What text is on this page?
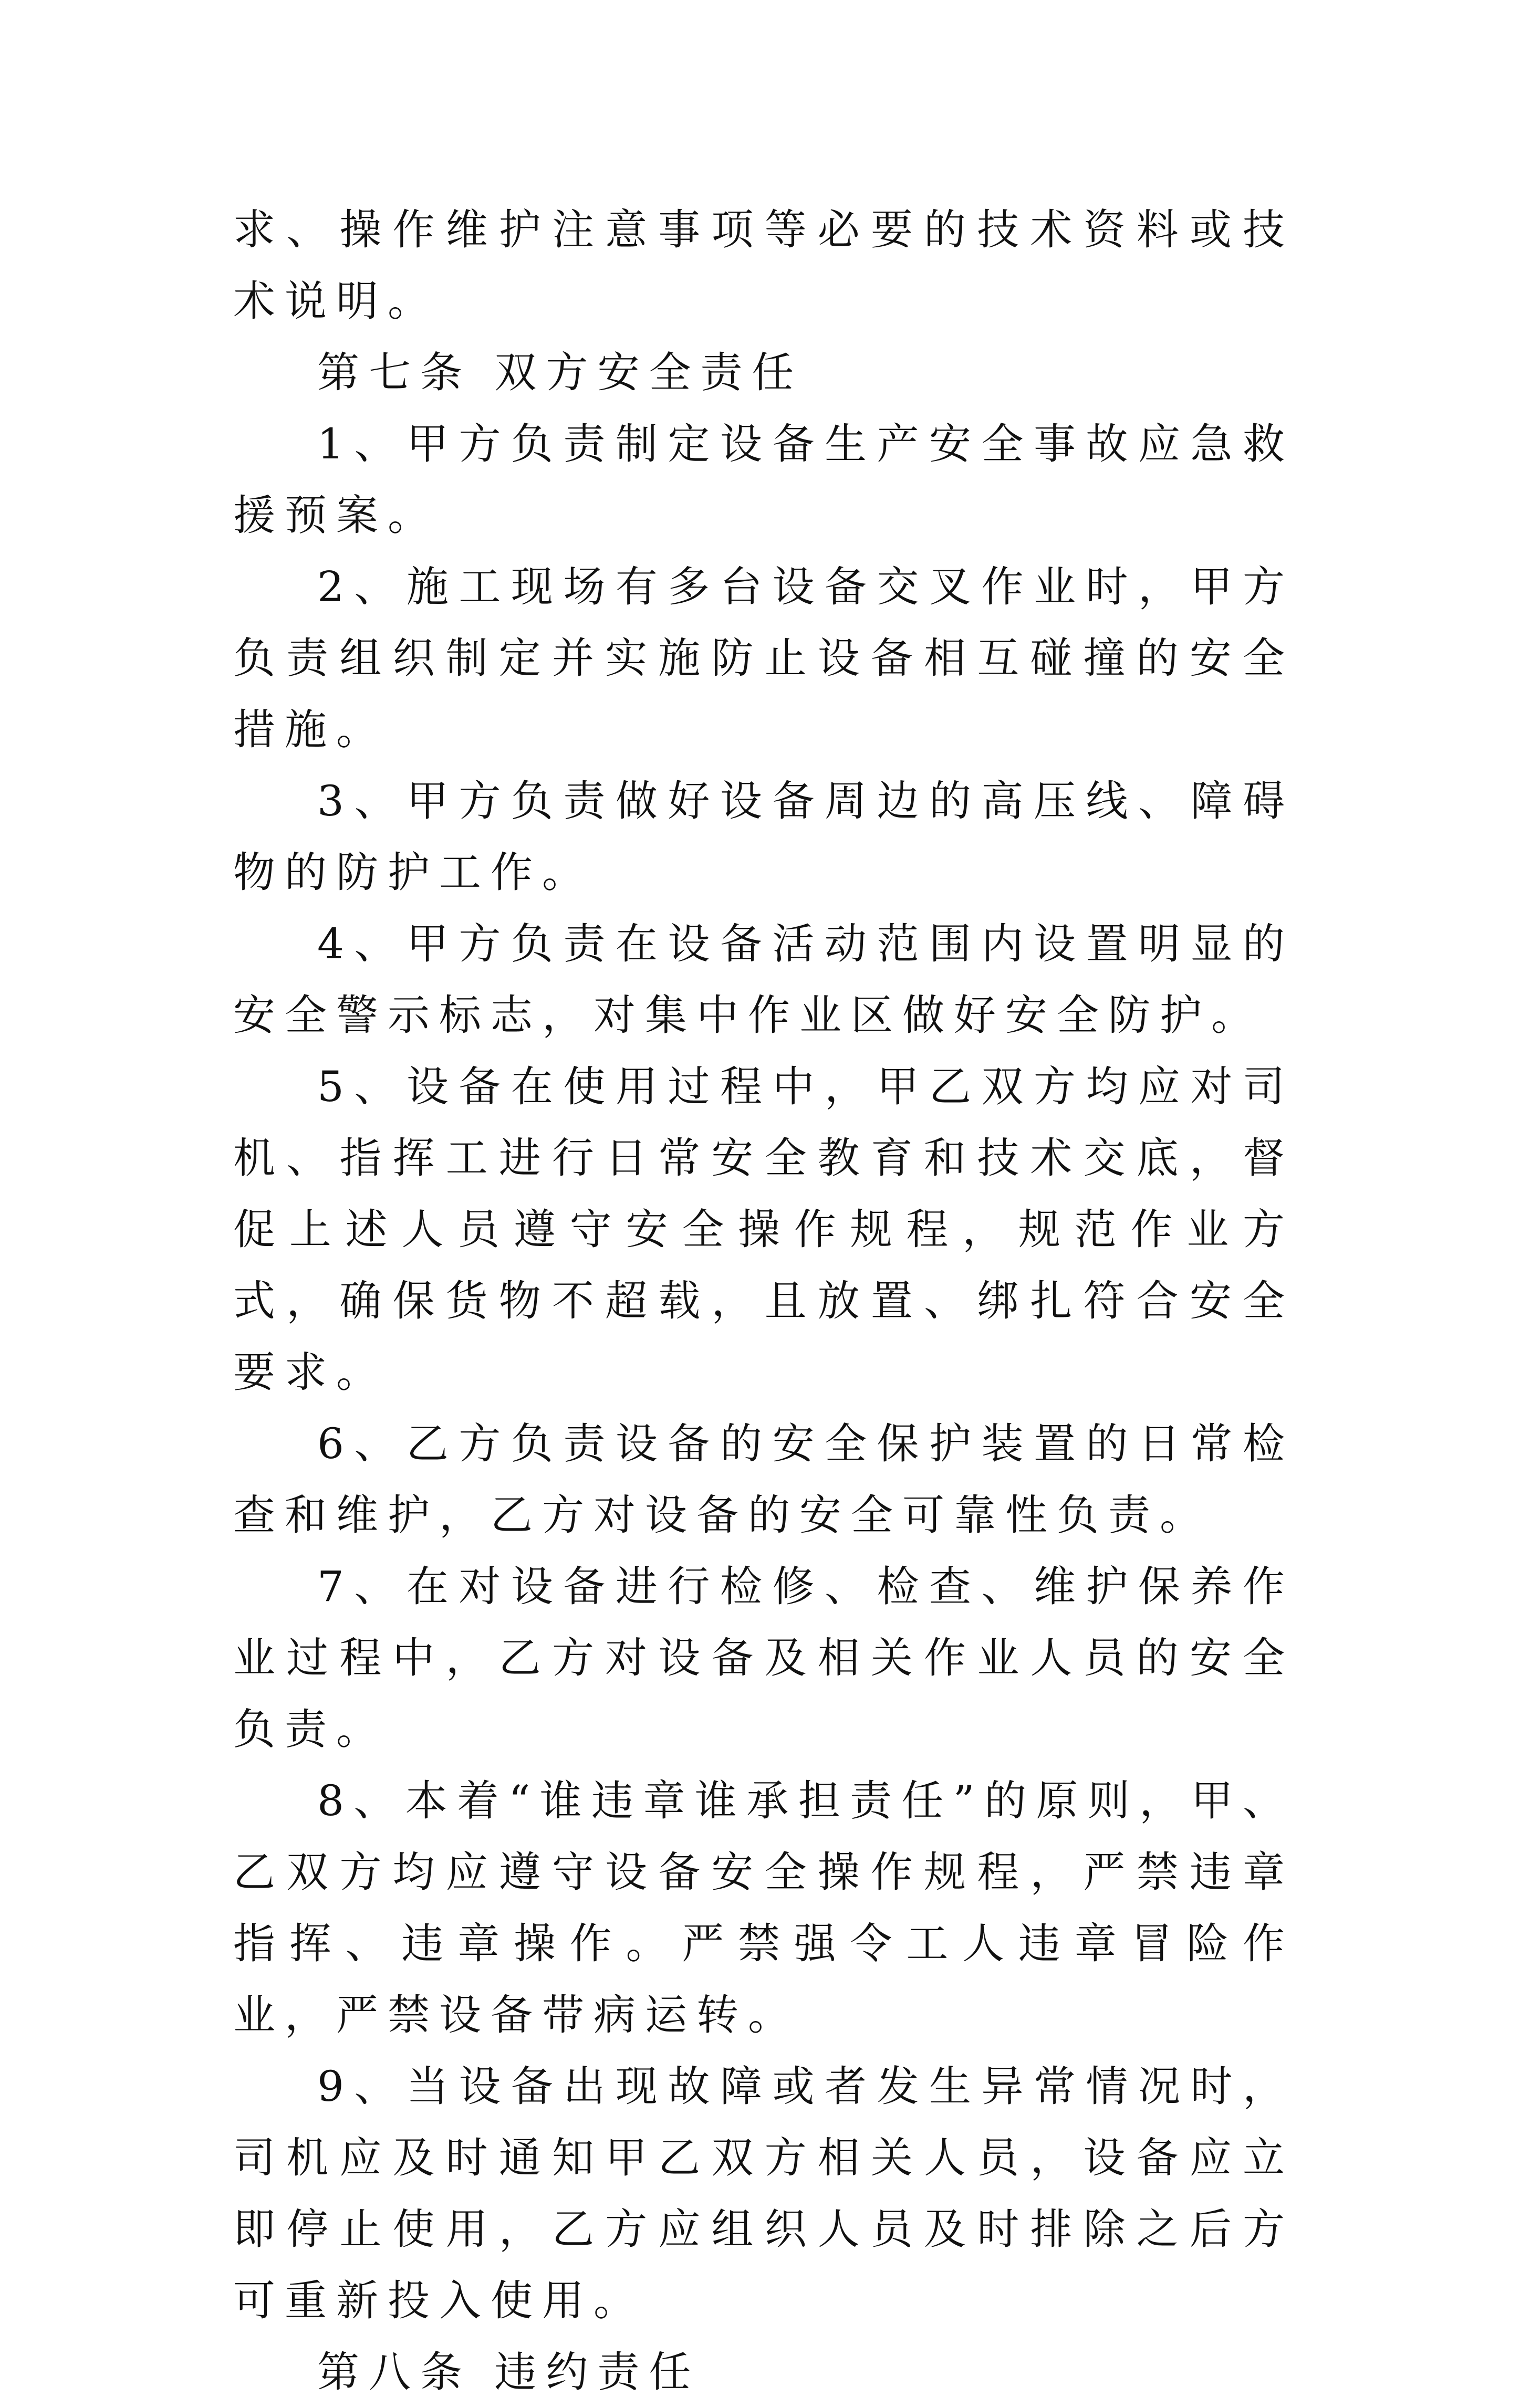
求、操作维护注意事项等必要的技术资料或技术说明。

第七条 双方安全责任

1、甲方负责制定设备生产安全事故应急救援预案。

2、施工现场有多台设备交叉作业时，甲方负责组织制定并实施防止设备相互碰撞的安全措施。

3、甲方负责做好设备周边的高压线、障碍物的防护工作。

4、甲方负责在设备活动范围内设置明显的安全警示标志，对集中作业区做好安全防护。

5、设备在使用过程中，甲乙双方均应对司机、指挥工进行日常安全教育和技术交底，督促上述人员遵守安全操作规程，规范作业方式，确保货物不超载，且放置、绑扎符合安全要求。

6、乙方负责设备的安全保护装置的日常检查和维护，乙方对设备的安全可靠性负责。

7、在对设备进行检修、检查、维护保养作业过程中，乙方对设备及相关作业人员的安全负责。

8、本着“谁违章谁承担责任”的原则，甲、乙双方均应遵守设备安全操作规程，严禁违章指挥、违章操作。严禁强令工人违章冒险作业，严禁设备带病运转。

9、当设备出现故障或者发生异常情况时，司机应及时通知甲乙双方相关人员，设备应立即停止使用，乙方应组织人员及时排除之后方可重新投入使用。

第八条 违约责任
